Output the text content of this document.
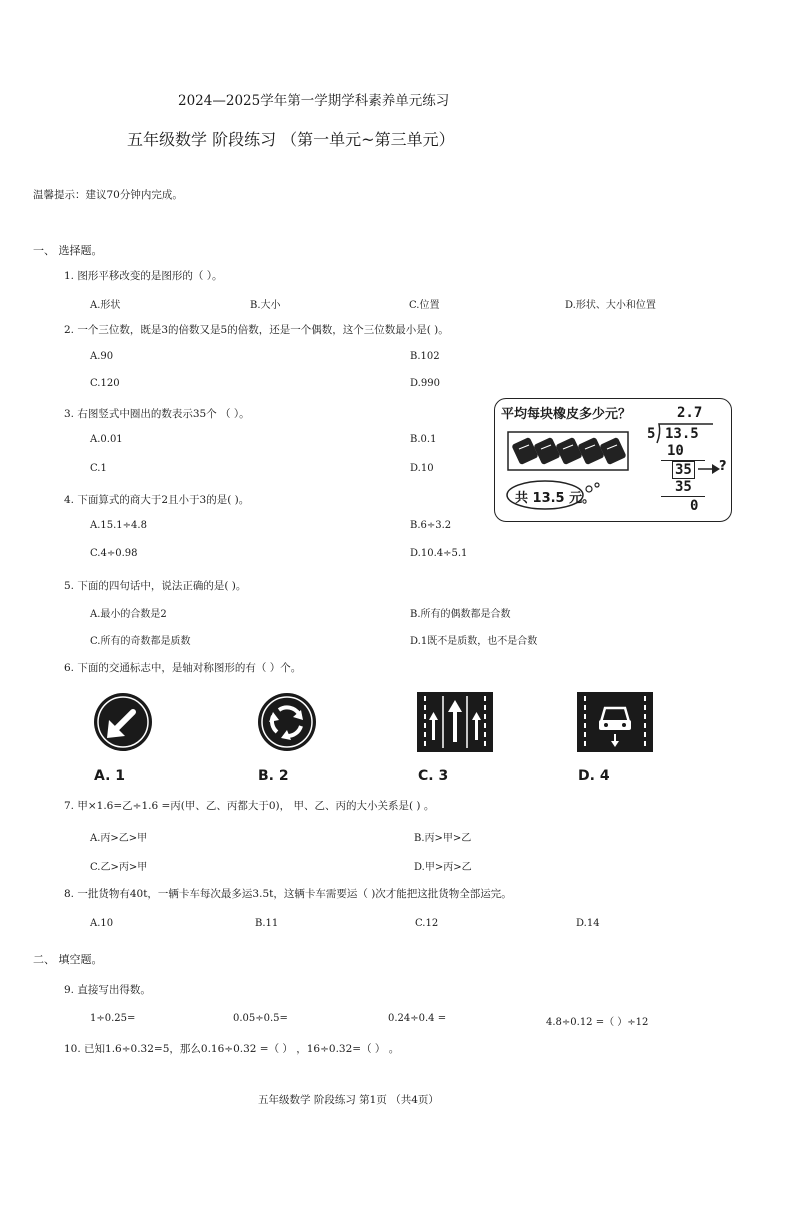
2024—2025学年第一学期学科素养单元练习
五年级数学 阶段练习 （第一单元~第三单元）
温馨提示：建议70分钟内完成。
一、 选择题。
1. 图形平移改变的是图形的（ ）。
A.形状	B.大小	C.位置	D.形状、大小和位置
2. 一个三位数，既是3的倍数又是5的倍数，还是一个偶数，这个三位数最小是( )。
A.90	B.102
C.120	D.990
3. 右图竖式中圈出的数表示35个 （ ）。
A.0.01	B.0.1
C.1	D.10
平均每块橡皮多少元？
共 13.5 元。
2.7
5 13.5
10
35 ?
35
0
4. 下面算式的商大于2且小于3的是( )。
A.15.1÷4.8	B.6÷3.2
C.4÷0.98	D.10.4÷5.1
5. 下面的四句话中，说法正确的是( )。
A.最小的合数是2	B.所有的偶数都是合数
C.所有的奇数都是质数	D.1既不是质数，也不是合数
6. 下面的交通标志中，是轴对称图形的有（ ）个。
A. 1	B. 2	C. 3	D. 4
7. 甲×1.6=乙÷1.6 =丙(甲、乙、丙都大于0)， 甲、乙、丙的大小关系是( ) 。
A.丙>乙>甲	B.丙>甲>乙
C.乙>丙>甲	D.甲>丙>乙
8. 一批货物有40t，一辆卡车每次最多运3.5t，这辆卡车需要运（ )次才能把这批货物全部运完。
A.10	B.11	C.12	D.14
二、 填空题。
9. 直接写出得数。
1÷0.25=	0.05÷0.5=	0.24÷0.4 =	4.8÷0.12 =（ ）÷12
10. 已知1.6÷0.32=5，那么0.16÷0.32 =（ ） ，16÷0.32=（ ） 。
五年级数学 阶段练习 第1页 （共4页）
